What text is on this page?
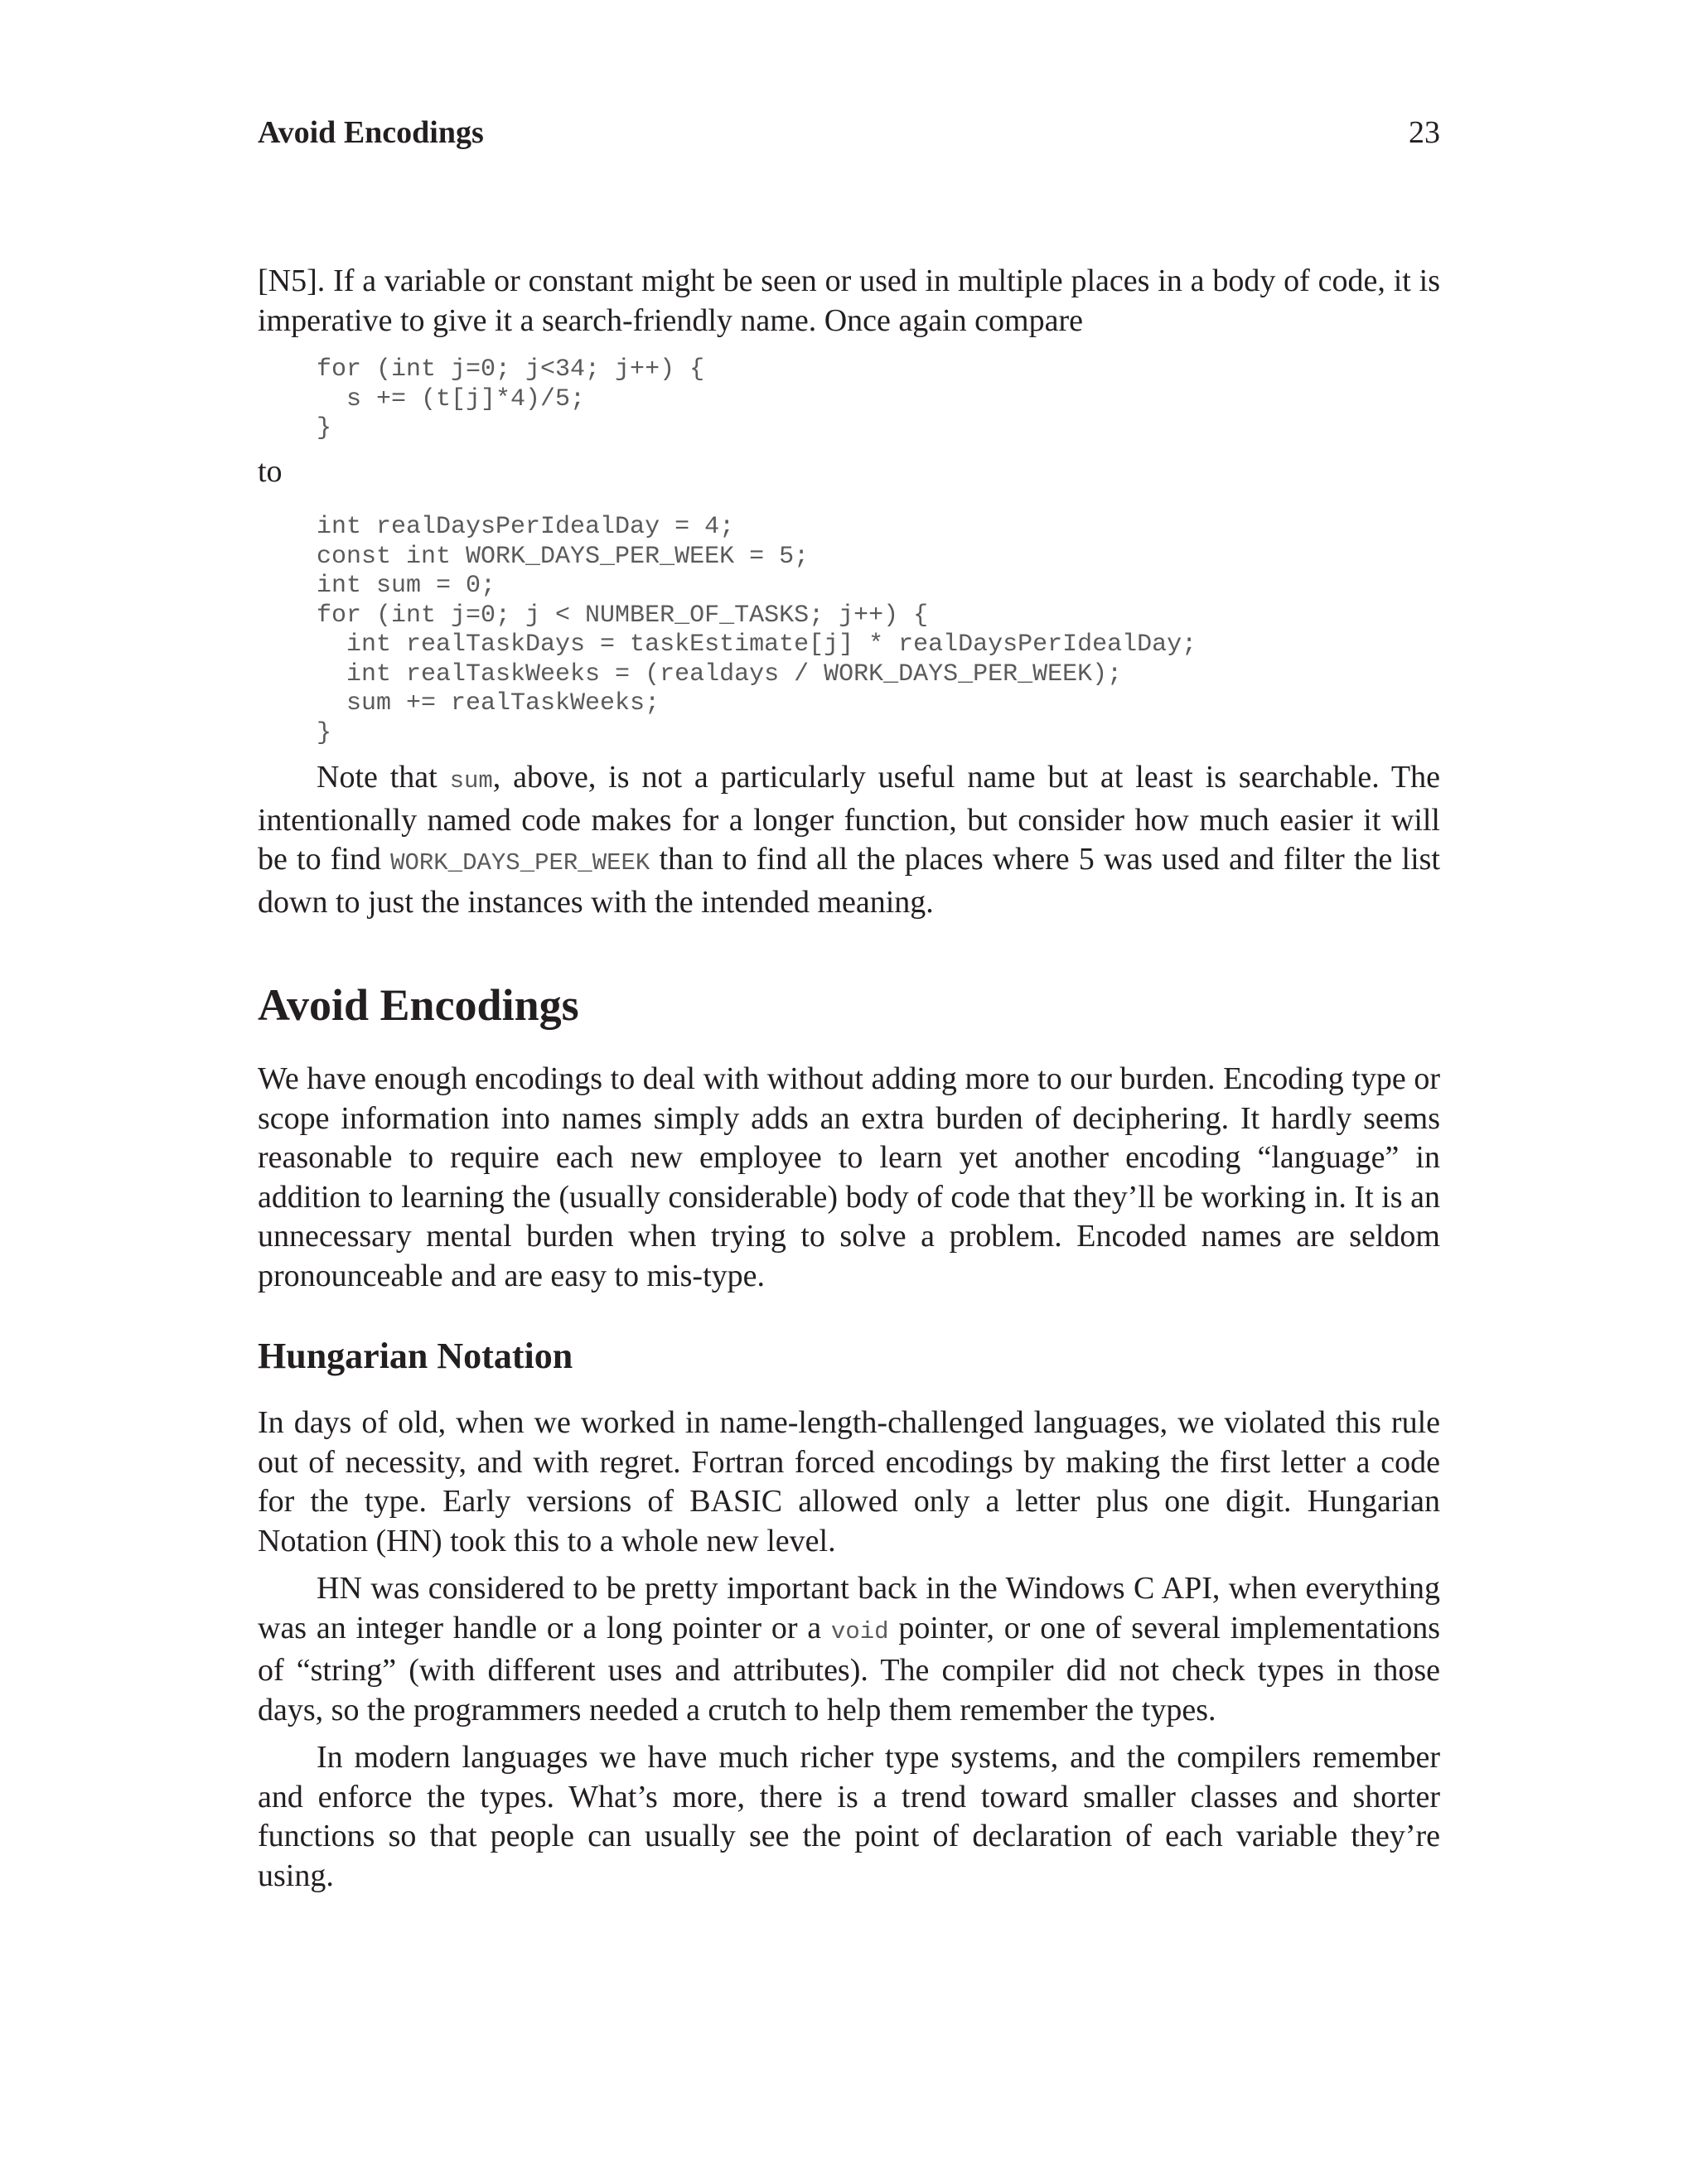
Avoid Encodings	23

[N5]. If a variable or constant might be seen or used in multiple places in a body of code, it is imperative to give it a search-friendly name. Once again compare

for (int j=0; j<34; j++) {
s += (t[j]*4)/5;
}

to

int realDaysPerIdealDay = 4;
const int WORK_DAYS_PER_WEEK = 5;
int sum = 0;
for (int j=0; j < NUMBER_OF_TASKS; j++) {
int realTaskDays = taskEstimate[j] * realDaysPerIdealDay;
int realTaskWeeks = (realdays / WORK_DAYS_PER_WEEK);
sum += realTaskWeeks;
}

Note that sum, above, is not a particularly useful name but at least is searchable. The intentionally named code makes for a longer function, but consider how much easier it will be to find WORK_DAYS_PER_WEEK than to find all the places where 5 was used and filter the list down to just the instances with the intended meaning.

Avoid Encodings

We have enough encodings to deal with without adding more to our burden. Encoding type or scope information into names simply adds an extra burden of deciphering. It hardly seems reasonable to require each new employee to learn yet another encoding “language” in addition to learning the (usually considerable) body of code that they’ll be working in. It is an unnecessary mental burden when trying to solve a problem. Encoded names are seldom pronounceable and are easy to mis-type.

Hungarian Notation

In days of old, when we worked in name-length-challenged languages, we violated this rule out of necessity, and with regret. Fortran forced encodings by making the first letter a code for the type. Early versions of BASIC allowed only a letter plus one digit. Hungarian Notation (HN) took this to a whole new level.

HN was considered to be pretty important back in the Windows C API, when everything was an integer handle or a long pointer or a void pointer, or one of several implementations of “string” (with different uses and attributes). The compiler did not check types in those days, so the programmers needed a crutch to help them remember the types.

In modern languages we have much richer type systems, and the compilers remember and enforce the types. What’s more, there is a trend toward smaller classes and shorter functions so that people can usually see the point of declaration of each variable they’re using.
